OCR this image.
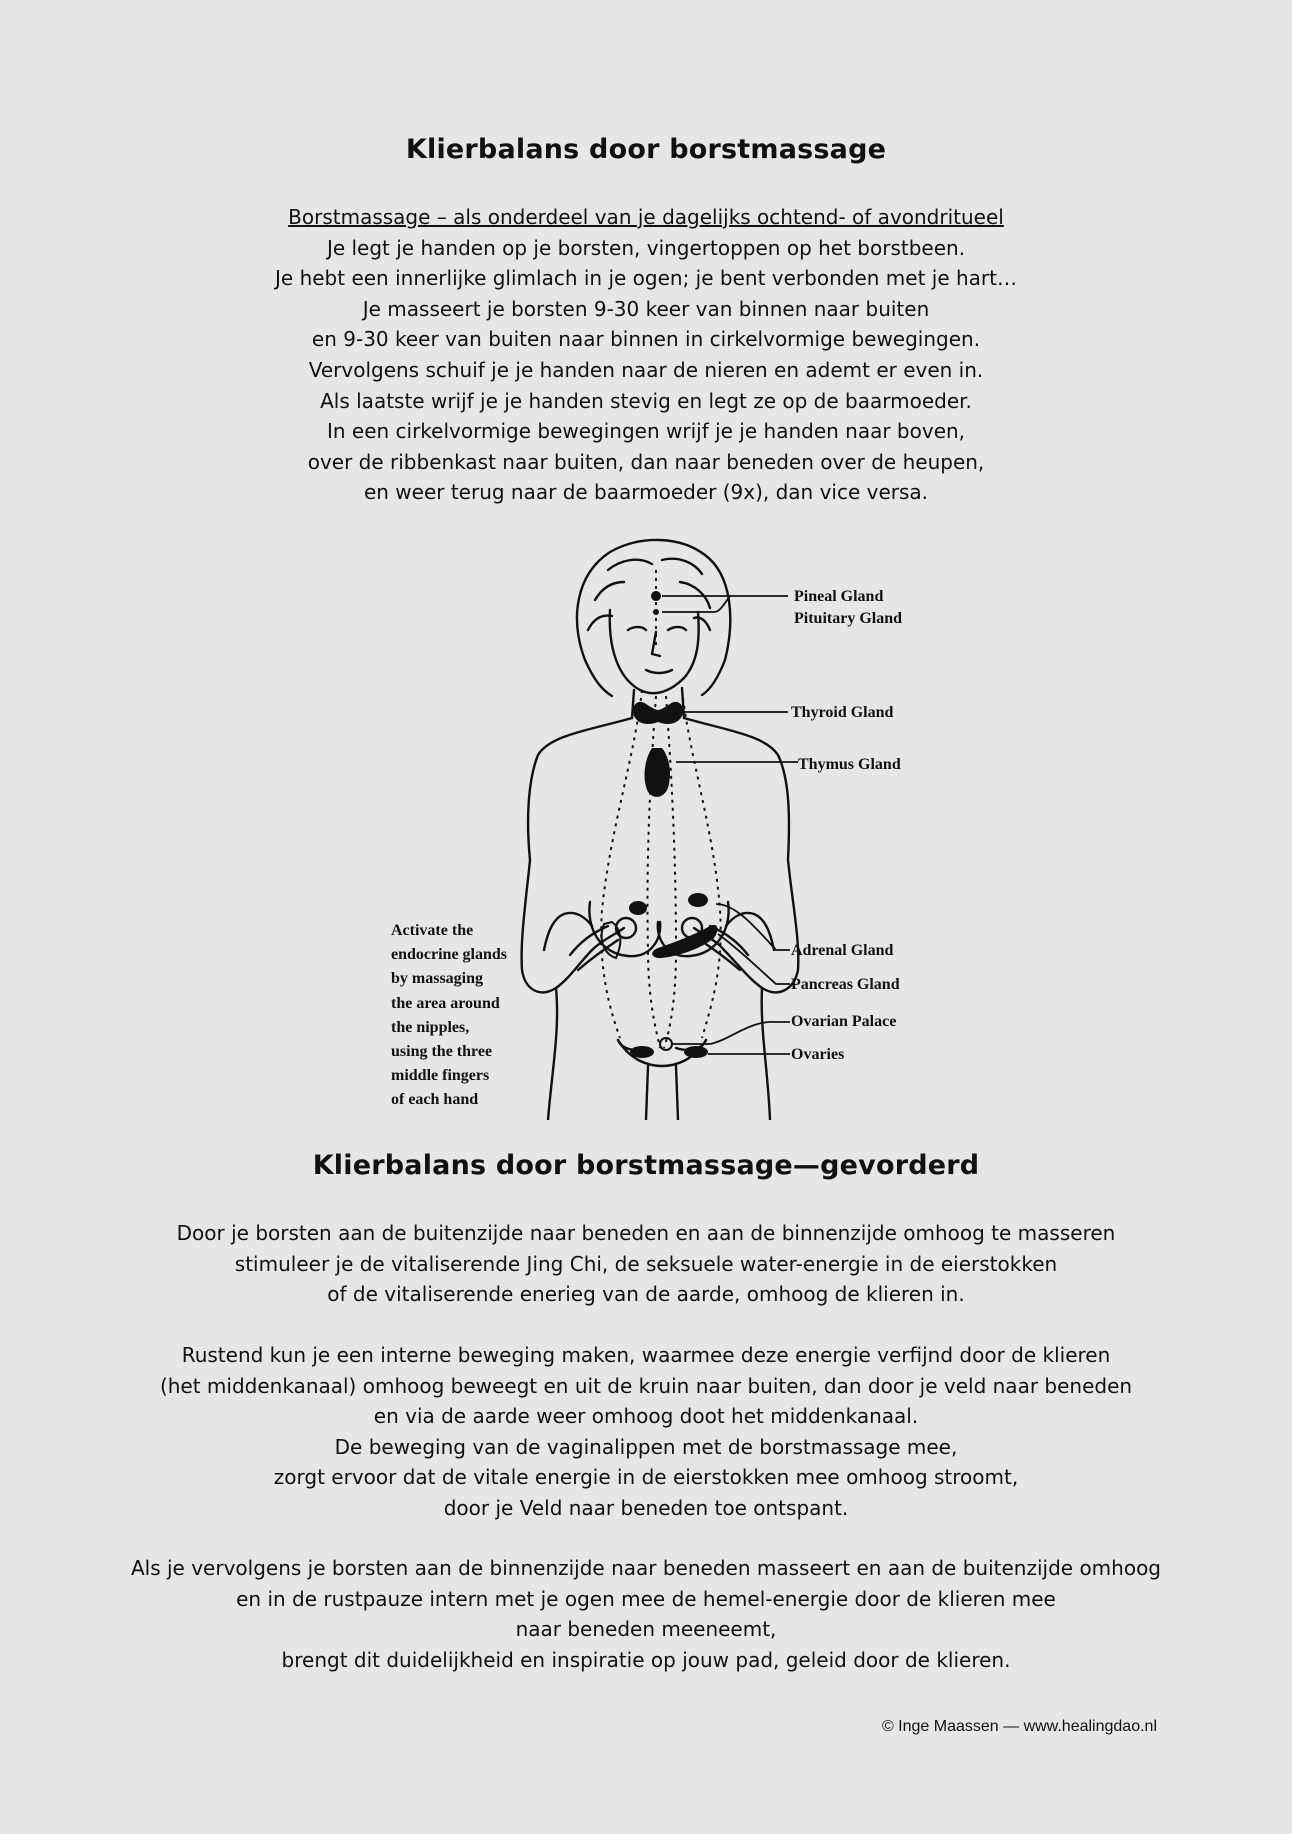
Klierbalans door borstmassage
Borstmassage – als onderdeel van je dagelijks ochtend- of avondritueel
Je legt je handen op je borsten, vingertoppen op het borstbeen.
Je hebt een innerlijke glimlach in je ogen; je bent verbonden met je hart…
Je masseert je borsten 9-30 keer van binnen naar buiten
en 9-30 keer van buiten naar binnen in cirkelvormige bewegingen.
Vervolgens schuif je je handen naar de nieren en ademt er even in.
Als laatste wrijf je je handen stevig en legt ze op de baarmoeder.
In een cirkelvormige bewegingen wrijf je je handen naar boven,
over de ribbenkast naar buiten, dan naar beneden over de heupen,
en weer terug naar de baarmoeder (9x), dan vice versa.
Pineal Gland
Pituitary Gland
Thyroid Gland
Thymus Gland
Adrenal Gland
Pancreas Gland
Ovarian Palace
Ovaries
Activate the
endocrine glands
by massaging
the area around
the nipples,
using the three
middle fingers
of each hand
Klierbalans door borstmassage—gevorderd
Door je borsten aan de buitenzijde naar beneden en aan de binnenzijde omhoog te masseren
stimuleer je de vitaliserende Jing Chi, de seksuele water-energie in de eierstokken
of de vitaliserende enerieg van de aarde, omhoog de klieren in.
Rustend kun je een interne beweging maken, waarmee deze energie verfijnd door de klieren
(het middenkanaal) omhoog beweegt en uit de kruin naar buiten, dan door je veld naar beneden
en via de aarde weer omhoog doot het middenkanaal.
De beweging van de vaginalippen met de borstmassage mee,
zorgt ervoor dat de vitale energie in de eierstokken mee omhoog stroomt,
door je Veld naar beneden toe ontspant.
Als je vervolgens je borsten aan de binnenzijde naar beneden masseert en aan de buitenzijde omhoog
en in de rustpauze intern met je ogen mee de hemel-energie door de klieren mee
naar beneden meeneemt,
brengt dit duidelijkheid en inspiratie op jouw pad, geleid door de klieren.
© Inge Maassen — www.healingdao.nl
